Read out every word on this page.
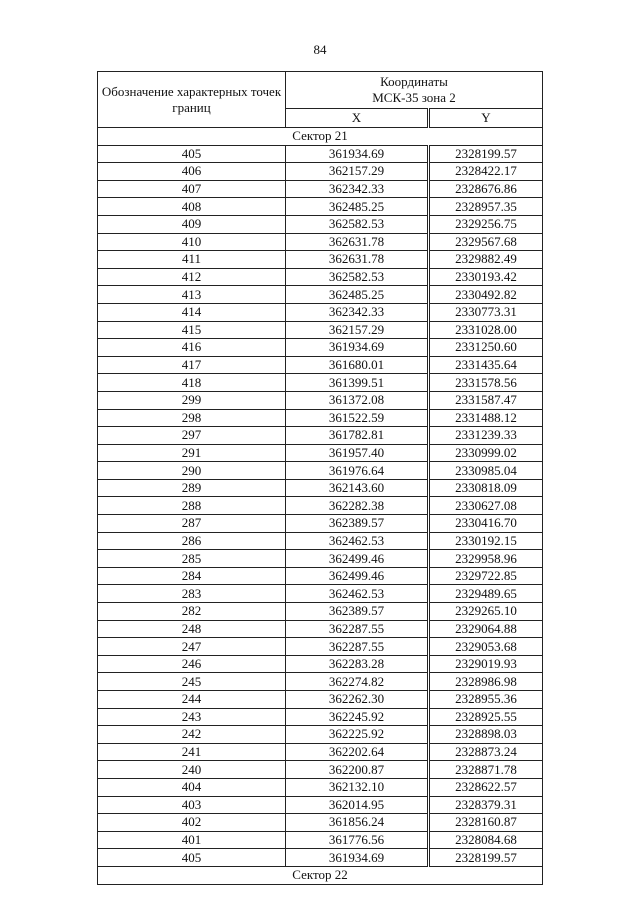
84
Обозначение характерных точек границ	Координаты
МСК-35 зона 2	
	X	Y
Сектор 21		
405	361934.69	2328199.57
406	362157.29	2328422.17
407	362342.33	2328676.86
408	362485.25	2328957.35
409	362582.53	2329256.75
410	362631.78	2329567.68
411	362631.78	2329882.49
412	362582.53	2330193.42
413	362485.25	2330492.82
414	362342.33	2330773.31
415	362157.29	2331028.00
416	361934.69	2331250.60
417	361680.01	2331435.64
418	361399.51	2331578.56
299	361372.08	2331587.47
298	361522.59	2331488.12
297	361782.81	2331239.33
291	361957.40	2330999.02
290	361976.64	2330985.04
289	362143.60	2330818.09
288	362282.38	2330627.08
287	362389.57	2330416.70
286	362462.53	2330192.15
285	362499.46	2329958.96
284	362499.46	2329722.85
283	362462.53	2329489.65
282	362389.57	2329265.10
248	362287.55	2329064.88
247	362287.55	2329053.68
246	362283.28	2329019.93
245	362274.82	2328986.98
244	362262.30	2328955.36
243	362245.92	2328925.55
242	362225.92	2328898.03
241	362202.64	2328873.24
240	362200.87	2328871.78
404	362132.10	2328622.57
403	362014.95	2328379.31
402	361856.24	2328160.87
401	361776.56	2328084.68
405	361934.69	2328199.57
Сектор 22		
